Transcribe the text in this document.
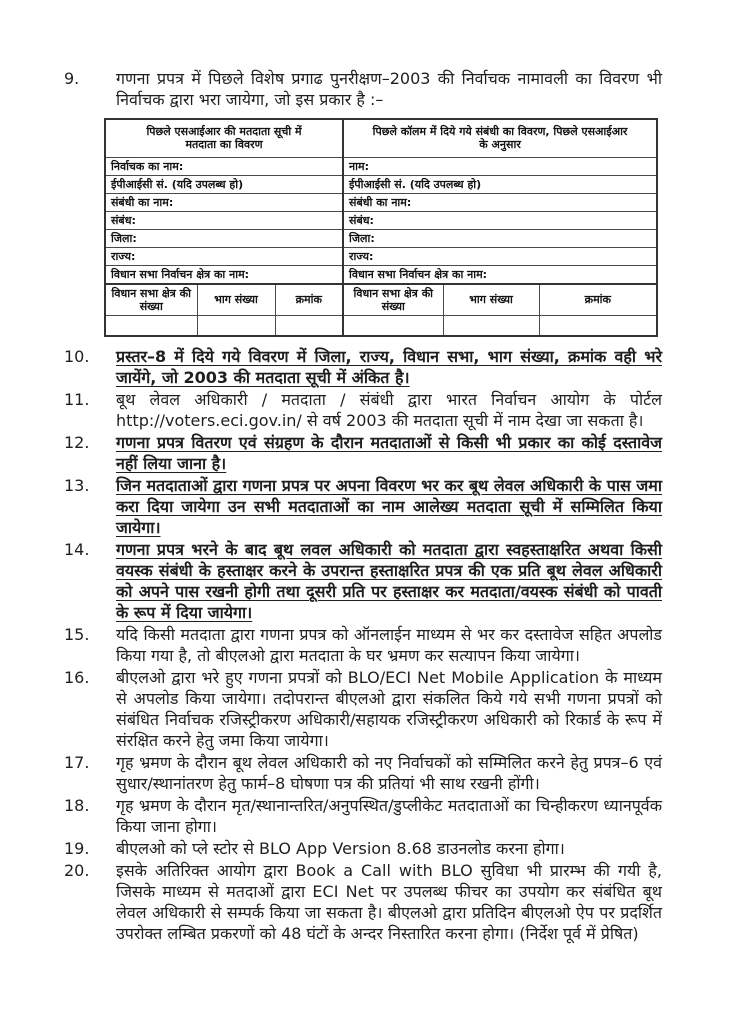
9.	गणना प्रपत्र में पिछले विशेष प्रगाढ पुनरीक्षण–2003 की निर्वाचक नामावली का विवरण भी निर्वाचक द्वारा भरा जायेगा, जो इस प्रकार है :–
पिछले एसआईआर की मतदाता सूची में मतदाता का विवरण			पिछले कॉलम में दिये गये संबंधी का विवरण, पिछले एसआईआर के अनुसार		
निर्वाचक का नाम:			नाम:		
ईपीआईसी सं. (यदि उपलब्ध हो)			ईपीआईसी सं. (यदि उपलब्ध हो)		
संबंधी का नाम:			संबंधी का नाम:		
संबंध:			संबंध:		
जिला:			जिला:		
राज्य:			राज्य:		
विधान सभा निर्वाचन क्षेत्र का नाम:			विधान सभा निर्वाचन क्षेत्र का नाम:		
विधान सभा क्षेत्र की संख्या	भाग संख्या	क्रमांक	विधान सभा क्षेत्र की संख्या	भाग संख्या	क्रमांक

10.	प्रस्तर–8 में दिये गये विवरण में जिला, राज्य, विधान सभा, भाग संख्या, क्रमांक वही भरे जायेंगे, जो 2003 की मतदाता सूची में अंकित है।
11.	बूथ लेवल अधिकारी / मतदाता / संबंधी द्वारा भारत निर्वाचन आयोग के पोर्टल http://voters.eci.gov.in/ से वर्ष 2003 की मतदाता सूची में नाम देखा जा सकता है।
12.	गणना प्रपत्र वितरण एवं संग्रहण के दौरान मतदाताओं से किसी भी प्रकार का कोई दस्तावेज नहीं लिया जाना है।
13.	जिन मतदाताओं द्वारा गणना प्रपत्र पर अपना विवरण भर कर बूथ लेवल अधिकारी के पास जमा करा दिया जायेगा उन सभी मतदाताओं का नाम आलेख्य मतदाता सूची में सम्मिलित किया जायेगा।
14.	गणना प्रपत्र भरने के बाद बूथ लवल अधिकारी को मतदाता द्वारा स्वहस्ताक्षरित अथवा किसी वयस्क संबंधी के हस्ताक्षर करने के उपरान्त हस्ताक्षरित प्रपत्र की एक प्रति बूथ लेवल अधिकारी को अपने पास रखनी होगी तथा दूसरी प्रति पर हस्ताक्षर कर मतदाता/वयस्क संबंधी को पावती के रूप में दिया जायेगा।
15.	यदि किसी मतदाता द्वारा गणना प्रपत्र को ऑनलाईन माध्यम से भर कर दस्तावेज सहित अपलोड किया गया है, तो बीएलओ द्वारा मतदाता के घर भ्रमण कर सत्यापन किया जायेगा।
16.	बीएलओ द्वारा भरे हुए गणना प्रपत्रों को BLO/ECI Net Mobile Application के माध्यम से अपलोड किया जायेगा। तदोपरान्त बीएलओ द्वारा संकलित किये गये सभी गणना प्रपत्रों को संबंधित निर्वाचक रजिस्ट्रीकरण अधिकारी/सहायक रजिस्ट्रीकरण अधिकारी को रिकार्ड के रूप में संरक्षित करने हेतु जमा किया जायेगा।
17.	गृह भ्रमण के दौरान बूथ लेवल अधिकारी को नए निर्वाचकों को सम्मिलित करने हेतु प्रपत्र–6 एवं सुधार/स्थानांतरण हेतु फार्म–8 घोषणा पत्र की प्रतियां भी साथ रखनी होंगी।
18.	गृह भ्रमण के दौरान मृत/स्थानान्तरित/अनुपस्थित/डुप्लीकेट मतदाताओं का चिन्हीकरण ध्यानपूर्वक किया जाना होगा।
19.	बीएलओ को प्ले स्टोर से BLO App Version 8.68 डाउनलोड करना होगा।
20.	इसके अतिरिक्त आयोग द्वारा Book a Call with BLO सुविधा भी प्रारम्भ की गयी है, जिसके माध्यम से मतदाओं द्वारा ECI Net पर उपलब्ध फीचर का उपयोग कर संबंधित बूथ लेवल अधिकारी से सम्पर्क किया जा सकता है। बीएलओ द्वारा प्रतिदिन बीएलओ ऐप पर प्रदर्शित उपरोक्त लम्बित प्रकरणों को 48 घंटों के अन्दर निस्तारित करना होगा। (निर्देश पूर्व में प्रेषित)
